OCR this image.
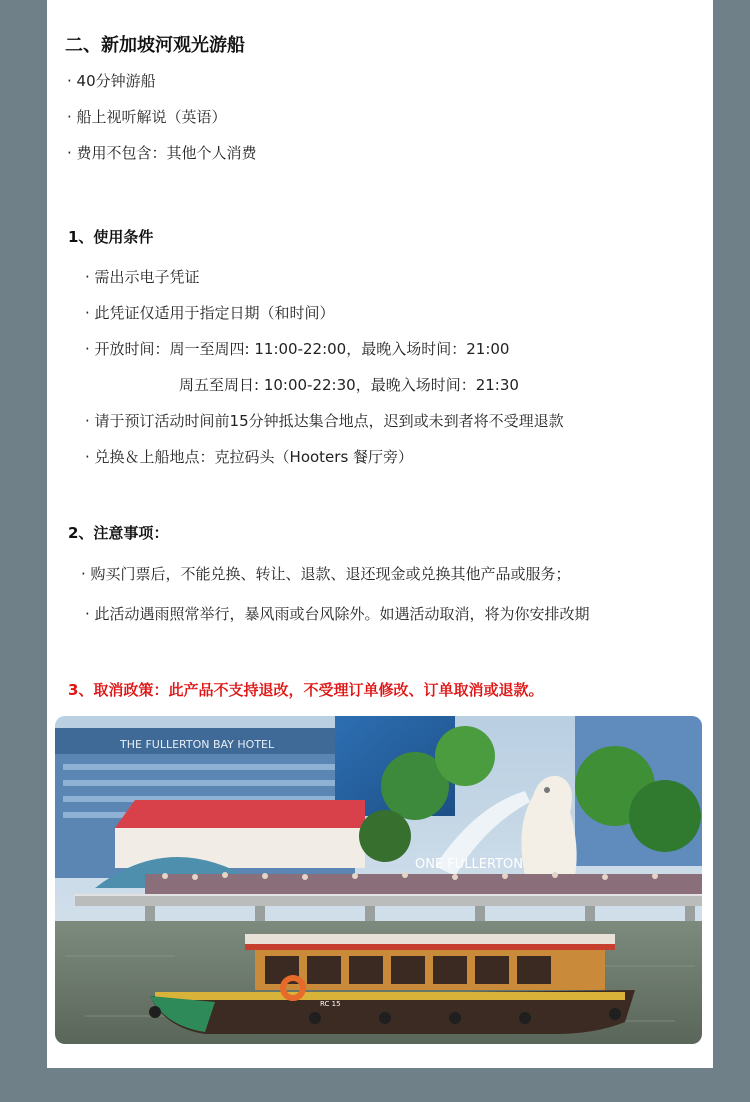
二、新加坡河观光游船
· 40分钟游船
· 船上视听解说（英语）
· 费用不包含：其他个人消费
1、使用条件
· 需出示电子凭证
· 此凭证仅适用于指定日期（和时间）
· 开放时间：周一至周四: 11:00-22:00，最晚入场时间：21:00
周五至周日: 10:00-22:30，最晚入场时间：21:30
· 请于预订活动时间前15分钟抵达集合地点，迟到或未到者将不受理退款
· 兑换＆上船地点：克拉码头（Hooters 餐厅旁）
2、注意事项：
· 购买门票后，不能兑换、转让、退款、退还现金或兑换其他产品或服务；
· 此活动遇雨照常举行，暴风雨或台风除外。如遇活动取消，将为你安排改期
3、取消政策：此产品不支持退改，不受理订单修改、订单取消或退款。
THE FULLERTON BAY HOTEL
ONE FULLERTON
RC 15
